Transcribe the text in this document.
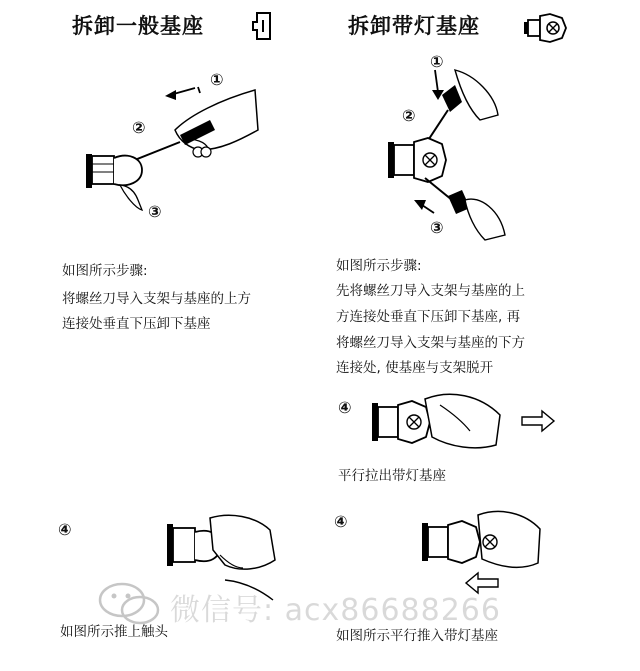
拆卸一般基座
①
②
③
如图所示步骤:
将螺丝刀导入支架与基座的上方
连接处垂直下压卸下基座
④
如图所示推上触头
拆卸带灯基座
①
②
③
如图所示步骤:
先将螺丝刀导入支架与基座的上
方连接处垂直下压卸下基座, 再
将螺丝刀导入支架与基座的下方
连接处, 使基座与支架脱开
④
平行拉出带灯基座
④
如图所示平行推入带灯基座
微信号: acx86688266
